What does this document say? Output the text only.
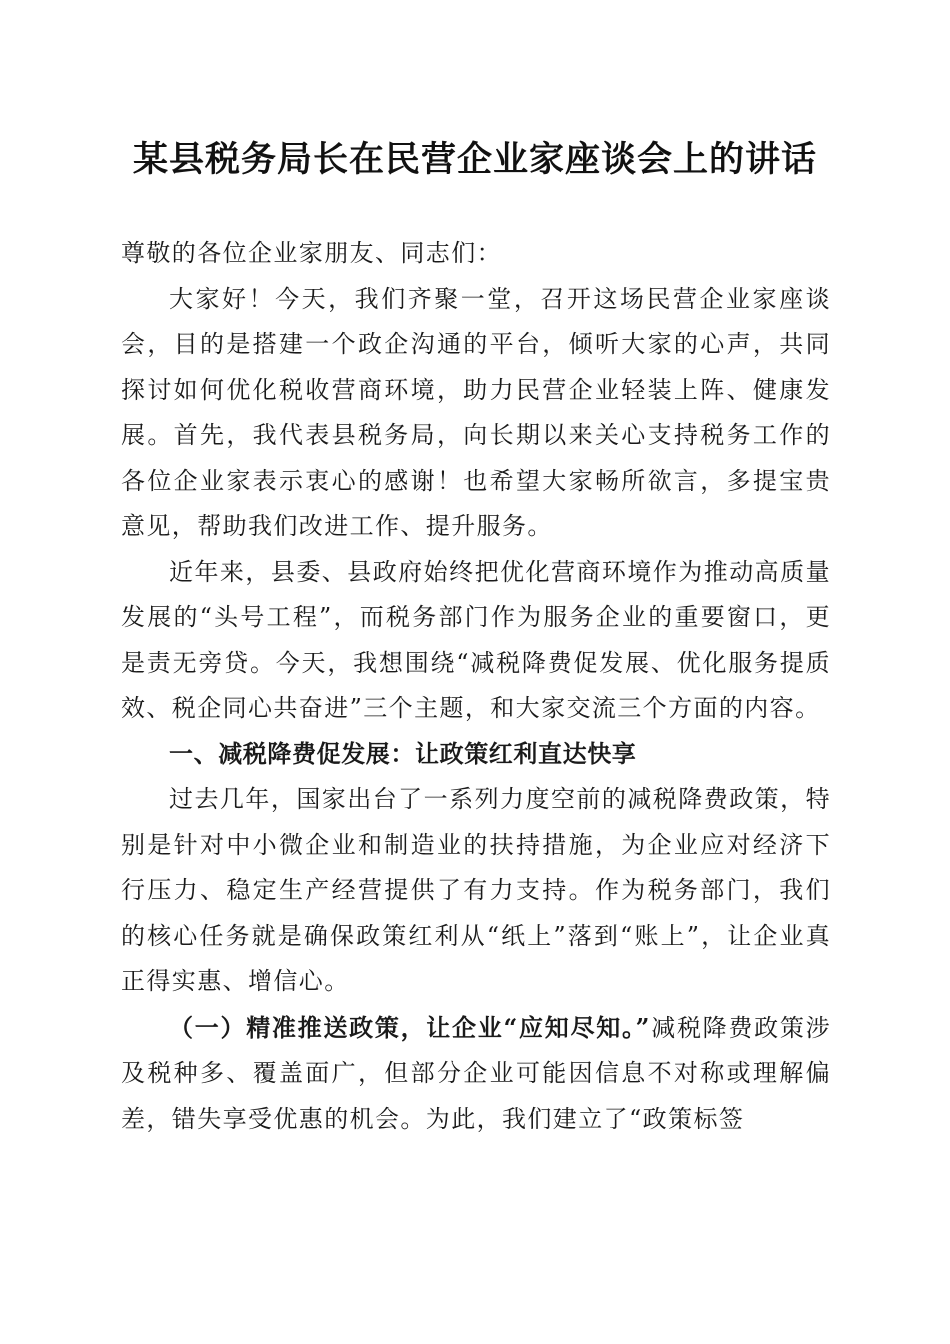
某县税务局长在民营企业家座谈会上的讲话

尊敬的各位企业家朋友、同志们：

大家好！今天，我们齐聚一堂，召开这场民营企业家座谈会，目的是搭建一个政企沟通的平台，倾听大家的心声，共同探讨如何优化税收营商环境，助力民营企业轻装上阵、健康发展。首先，我代表县税务局，向长期以来关心支持税务工作的各位企业家表示衷心的感谢！也希望大家畅所欲言，多提宝贵意见，帮助我们改进工作、提升服务。

近年来，县委、县政府始终把优化营商环境作为推动高质量发展的“头号工程”，而税务部门作为服务企业的重要窗口，更是责无旁贷。今天，我想围绕“减税降费促发展、优化服务提质效、税企同心共奋进”三个主题，和大家交流三个方面的内容。

一、减税降费促发展：让政策红利直达快享

过去几年，国家出台了一系列力度空前的减税降费政策，特别是针对中小微企业和制造业的扶持措施，为企业应对经济下行压力、稳定生产经营提供了有力支持。作为税务部门，我们的核心任务就是确保政策红利从“纸上”落到“账上”，让企业真正得实惠、增信心。

（一）精准推送政策，让企业“应知尽知。”减税降费政策涉及税种多、覆盖面广，但部分企业可能因信息不对称或理解偏差，错失享受优惠的机会。为此，我们建立了“政策标签
